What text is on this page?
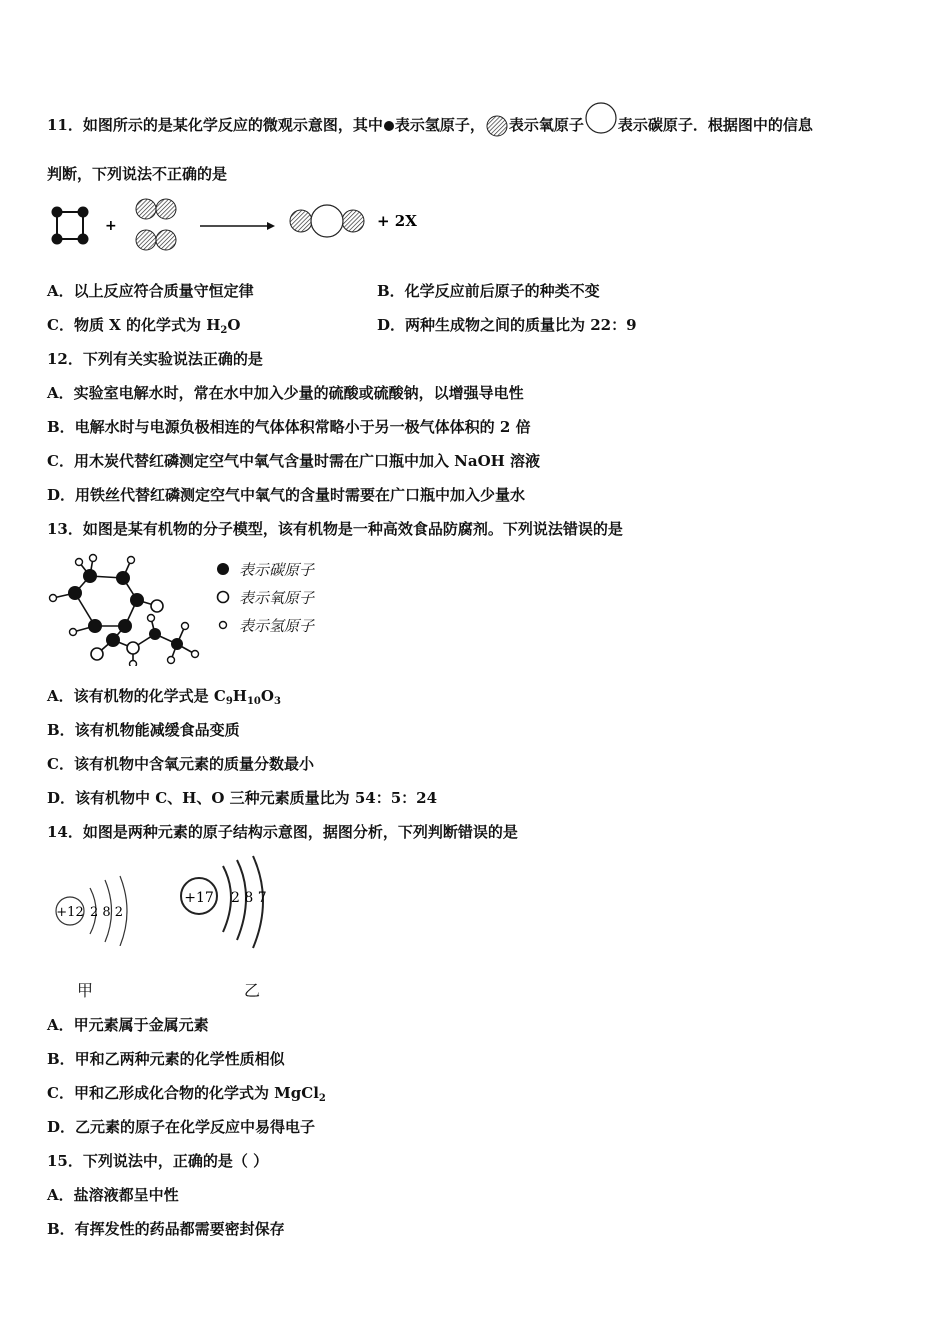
11．如图所示的是某化学反应的微观示意图，其中 表示氢原子， 表示氧原子 表示碳原子．根据图中的信息
判断，下列说法不正确的是
+	+ 2X
A．以上反应符合质量守恒定律	B．化学反应前后原子的种类不变
C．物质 X 的化学式为 $H_2O$	D．两种生成物之间的质量比为 22：9
12．下列有关实验说法正确的是
A．实验室电解水时，常在水中加入少量的硫酸或硫酸钠，以增强导电性
B．电解水时与电源负极相连的气体体积常略小于另一极气体体积的 2 倍
C．用木炭代替红磷测定空气中氧气含量时需在广口瓶中加入 NaOH 溶液
D．用铁丝代替红磷测定空气中氧气的含量时需要在广口瓶中加入少量水
13．如图是某有机物的分子模型，该有机物是一种高效食品防腐剂。下列说法错误的是
表示碳原子
表示氧原子
表示氢原子
A．该有机物的化学式是 $C_9H_{10}O_3$
B．该有机物能减缓食品变质
C．该有机物中含氧元素的质量分数最小
D．该有机物中 C、H、O 三种元素质量比为 54：5：24
14．如图是两种元素的原子结构示意图，据图分析，下列判断错误的是
+12 2 8 2
+17 2 8 7
甲	乙
A．甲元素属于金属元素
B．甲和乙两种元素的化学性质相似
C．甲和乙形成化合物的化学式为 MgCl$_2$
D．乙元素的原子在化学反应中易得电子
15．下列说法中，正确的是（ ）
A．盐溶液都呈中性
B．有挥发性的药品都需要密封保存
